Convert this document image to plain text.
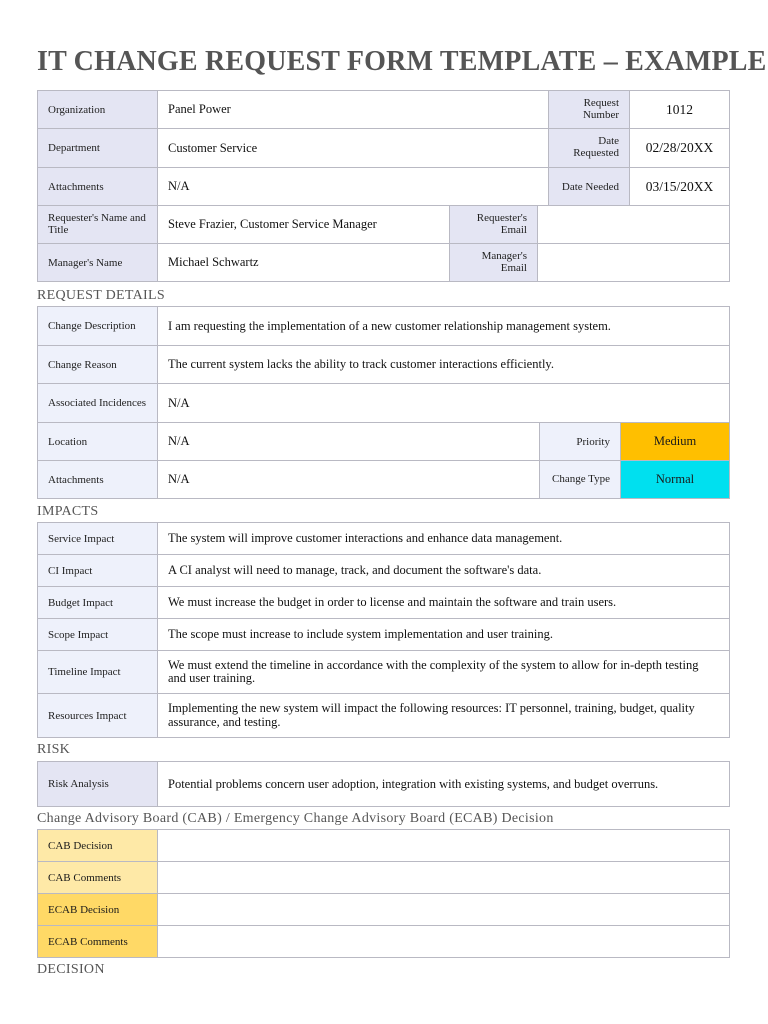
IT CHANGE REQUEST FORM TEMPLATE – EXAMPLE
Organization	Panel Power			Request Number	1012
Department	Customer Service			Date Requested	02/28/20XX
Attachments	N/A			Date Needed	03/15/20XX
Requester's Name and Title	Steve Frazier, Customer Service Manager	Requester's Email			
Manager's Name	Michael Schwartz	Manager's Email			
REQUEST DETAILS
Change Description	I am requesting the implementation of a new customer relationship management system.		
Change Reason	The current system lacks the ability to track customer interactions efficiently.		
Associated Incidences	N/A		
Location	N/A	Priority	Medium
Attachments	N/A	Change Type	Normal
IMPACTS
Service Impact	The system will improve customer interactions and enhance data management.
CI Impact	A CI analyst will need to manage, track, and document the software's data.
Budget Impact	We must increase the budget in order to license and maintain the software and train users.
Scope Impact	The scope must increase to include system implementation and user training.
Timeline Impact	We must extend the timeline in accordance with the complexity of the system to allow for in-depth testing and user training.
Resources Impact	Implementing the new system will impact the following resources: IT personnel, training, budget, quality assurance, and testing.
RISK
Risk Analysis	Potential problems concern user adoption, integration with existing systems, and budget overruns.
Change Advisory Board (CAB) / Emergency Change Advisory Board (ECAB) Decision
CAB Decision	
CAB Comments	
ECAB Decision	
ECAB Comments	
DECISION
